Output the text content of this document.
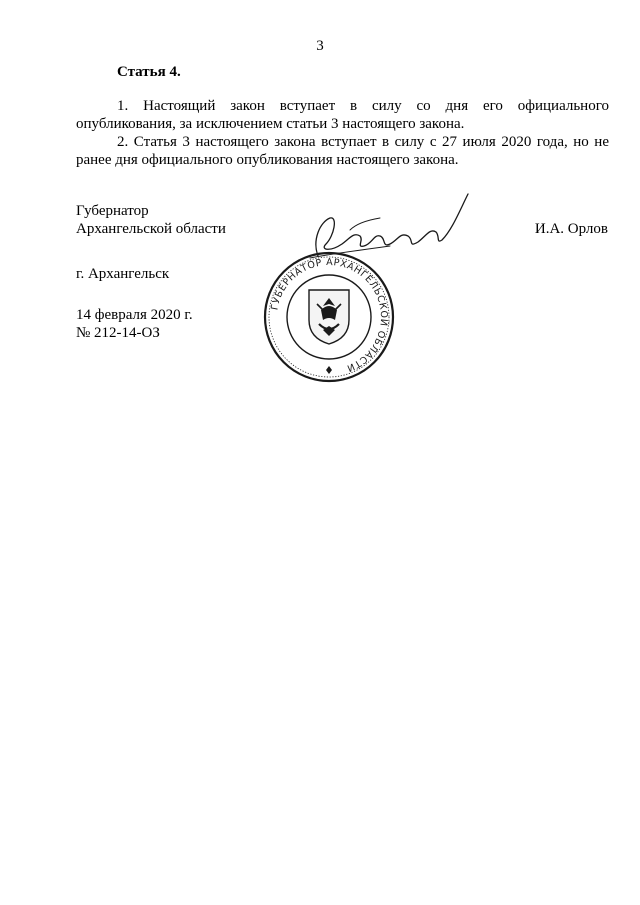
3
Статья 4.

1. Настоящий закон вступает в силу со дня его официального опубликования, за исключением статьи 3 настоящего закона.

2. Статья 3 настоящего закона вступает в силу с 27 июля 2020 года, но не ранее дня официального опубликования настоящего закона.

Губернатор
Архангельской области	И.А. Орлов
ГУБЕРНАТОР АРХАНГЕЛЬСКОЙ ОБЛАСТИ
г. Архангельск
14 февраля 2020 г.
№ 212-14-ОЗ
